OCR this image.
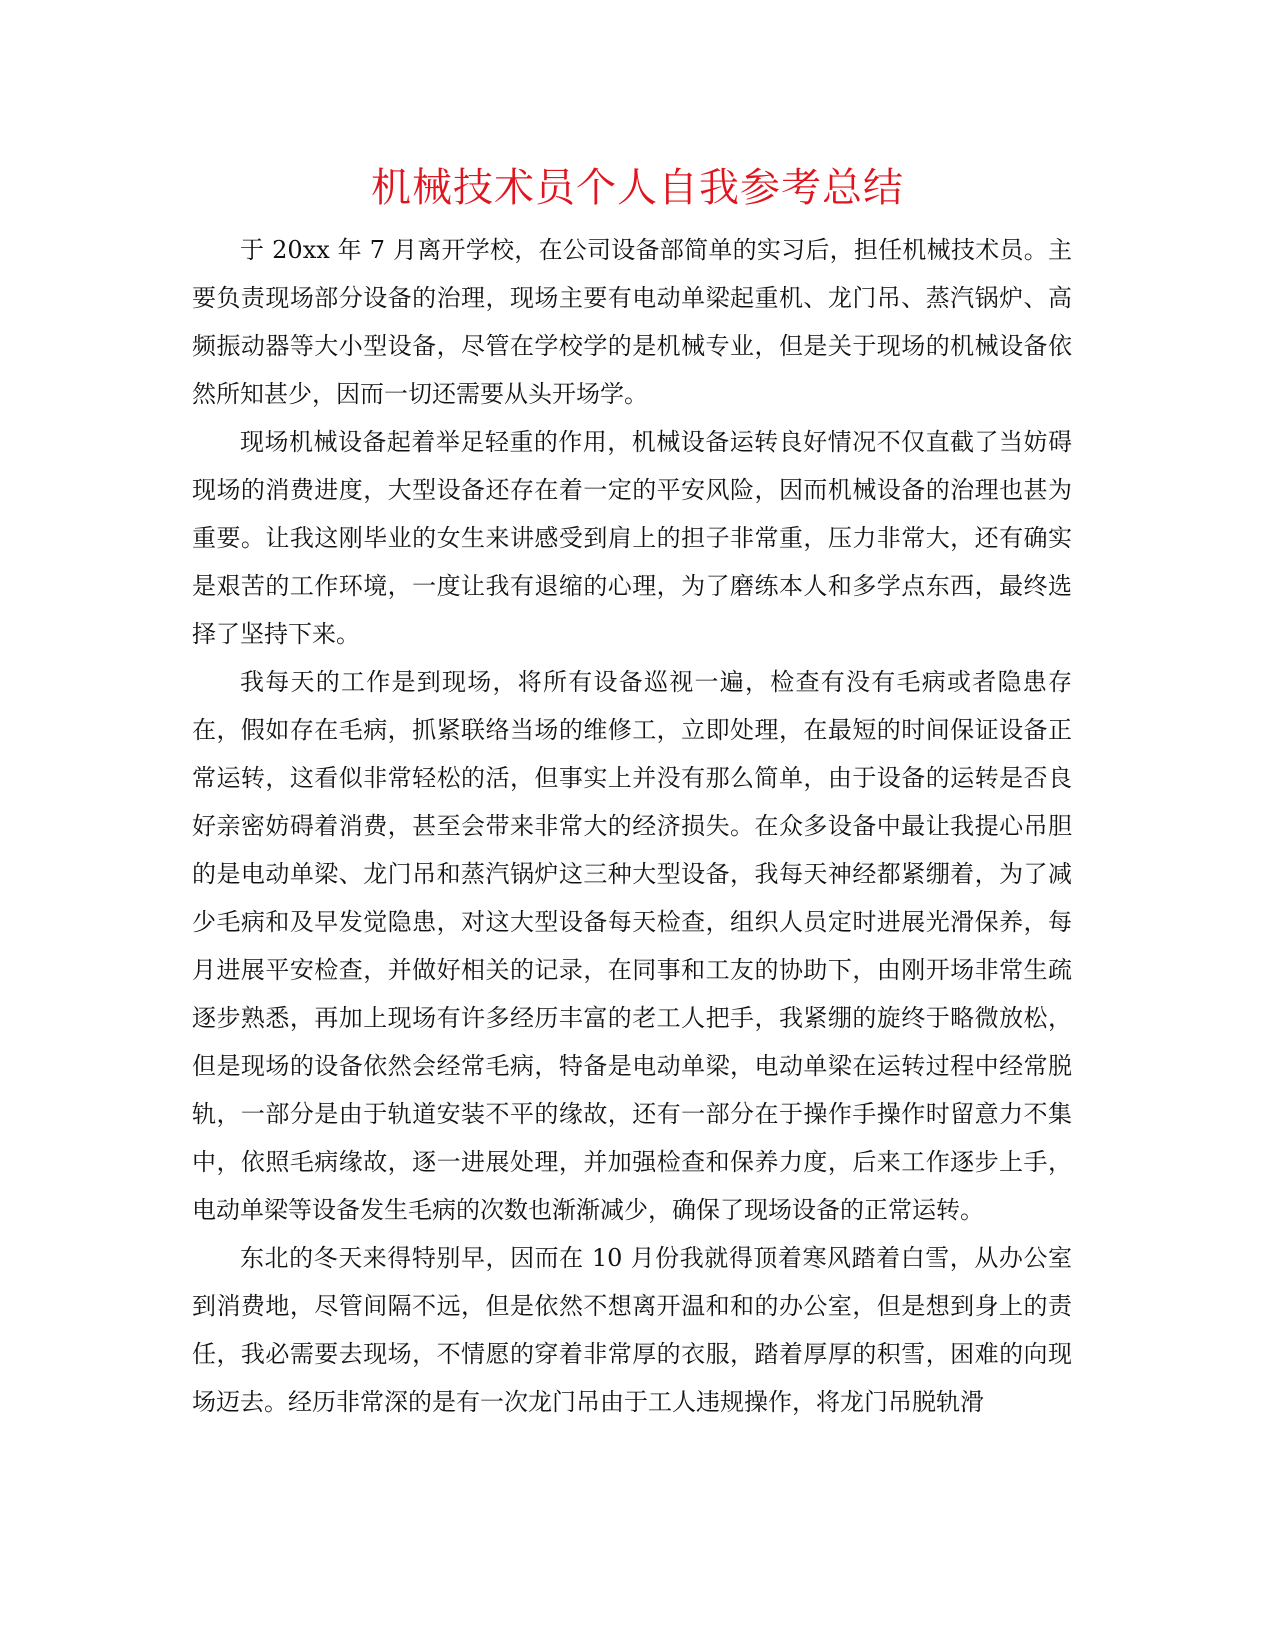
机械技术员个人自我参考总结

于 20xx 年 7 月离开学校，在公司设备部简单的实习后，担任机械技术员。主要负责现场部分设备的治理，现场主要有电动单梁起重机、龙门吊、蒸汽锅炉、高频振动器等大小型设备，尽管在学校学的是机械专业，但是关于现场的机械设备依然所知甚少，因而一切还需要从头开场学。

现场机械设备起着举足轻重的作用，机械设备运转良好情况不仅直截了当妨碍现场的消费进度，大型设备还存在着一定的平安风险，因而机械设备的治理也甚为重要。让我这刚毕业的女生来讲感受到肩上的担子非常重，压力非常大，还有确实是艰苦的工作环境，一度让我有退缩的心理，为了磨练本人和多学点东西，最终选择了坚持下来。

我每天的工作是到现场，将所有设备巡视一遍，检查有没有毛病或者隐患存在，假如存在毛病，抓紧联络当场的维修工，立即处理，在最短的时间保证设备正常运转，这看似非常轻松的活，但事实上并没有那么简单，由于设备的运转是否良好亲密妨碍着消费，甚至会带来非常大的经济损失。在众多设备中最让我提心吊胆的是电动单梁、龙门吊和蒸汽锅炉这三种大型设备，我每天神经都紧绷着，为了减少毛病和及早发觉隐患，对这大型设备每天检查，组织人员定时进展光滑保养，每月进展平安检查，并做好相关的记录，在同事和工友的协助下，由刚开场非常生疏逐步熟悉，再加上现场有许多经历丰富的老工人把手，我紧绷的旋终于略微放松，但是现场的设备依然会经常毛病，特备是电动单梁，电动单梁在运转过程中经常脱轨，一部分是由于轨道安装不平的缘故，还有一部分在于操作手操作时留意力不集中，依照毛病缘故，逐一进展处理，并加强检查和保养力度，后来工作逐步上手，电动单梁等设备发生毛病的次数也渐渐减少，确保了现场设备的正常运转。

东北的冬天来得特别早，因而在 10 月份我就得顶着寒风踏着白雪，从办公室到消费地，尽管间隔不远，但是依然不想离开温和和的办公室，但是想到身上的责任，我必需要去现场，不情愿的穿着非常厚的衣服，踏着厚厚的积雪，困难的向现场迈去。经历非常深的是有一次龙门吊由于工人违规操作，将龙门吊脱轨滑
